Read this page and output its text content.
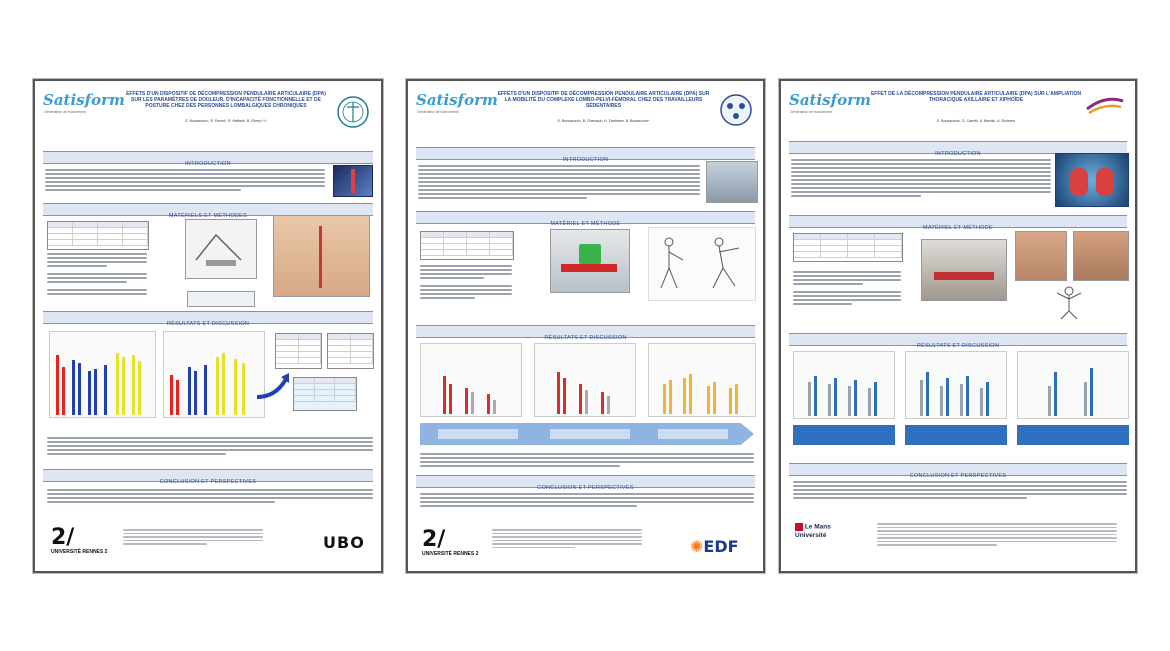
Satisform
Générateur de mouvement
EFFETS D'UN DISPOSITIF DE DÉCOMPRESSION PENDULAIRE ARTICULAIRE (DPA) SUR LES PARAMÈTRES DE DOULEUR, D'INCAPACITÉ FONCTIONNELLE ET DE POSTURE CHEZ DES PERSONNES LOMBALGIQUES CHRONIQUES
E. Bonsacourt¹, R. Porcel², R. Haffard¹, B. Fikrey⁽¹⁾⁽²⁾
INTRODUCTION
MATÉRIELS ET MÉTHODES
RÉSULTATS ET DISCUSSION
CONCLUSION ET PERSPECTIVES
2/
UNIVERSITÉ RENNES 2	UBO
Satisform
Générateur de mouvement
EFFETS D'UN DISPOSITIF DE DÉCOMPRESSION PENDULAIRE ARTICULAIRE (DPA) SUR LA MOBILITÉ DU COMPLEXE LOMBO-PELVI-FÉMORAL CHEZ DES TRAVAILLEURS SÉDENTAIRES
E. Bonsacourt¹, B. Chenaud², H. Fardham³, B. Bonsacourt⁴
INTRODUCTION
MATÉRIEL ET MÉTHODE
RÉSULTATS ET DISCUSSION
CONCLUSION ET PERSPECTIVES
2/
UNIVERSITÉ RENNES 2	✺EDF
Satisform
Générateur de mouvement
EFFET DE LA DÉCOMPRESSION PENDULAIRE ARTICULAIRE (DPA) SUR L'AMPLIATION THORACIQUE AXILLAIRE ET XIPHOÏDE
E. Bonsacourt¹, G. Carrell², A. Bertolt², A. Rohmer³
INTRODUCTION
MATÉRIEL ET MÉTHODE
RÉSULTATS ET DISCUSSION
CONCLUSION ET PERSPECTIVES
Le Mans Université
